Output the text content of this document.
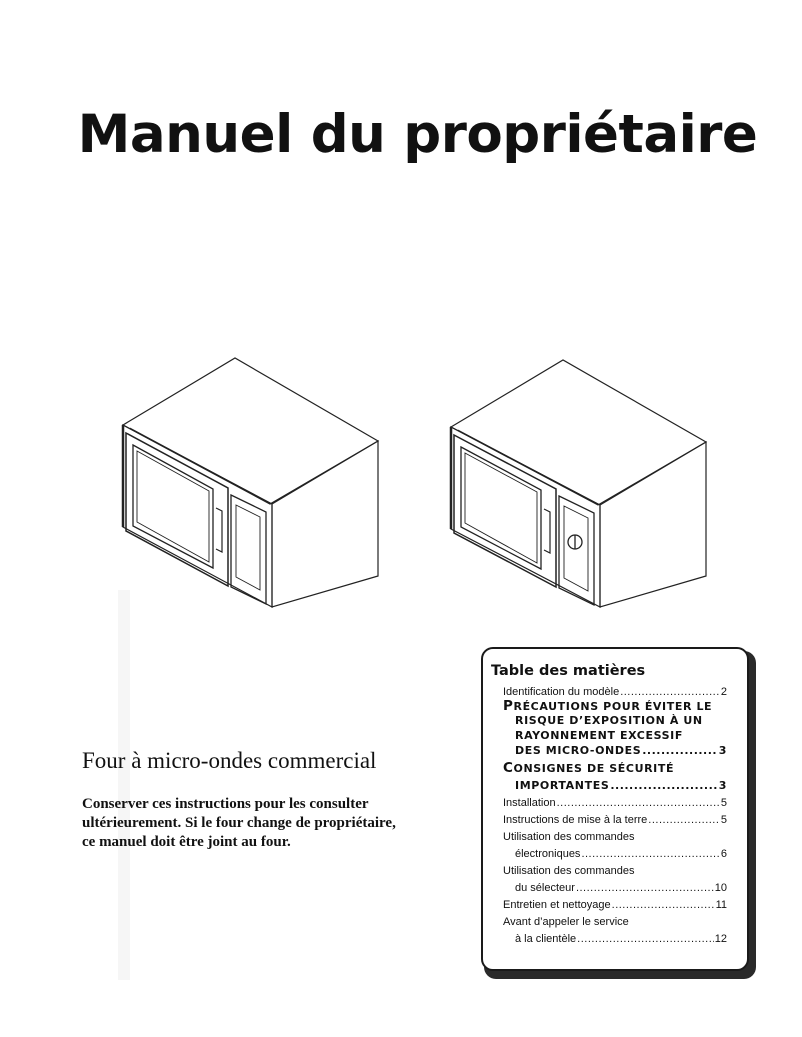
Manuel du propriétaire
Four à micro-ondes commercial
Conserver ces instructions pour les consulter
ultérieurement. Si le four change de propriétaire,
ce manuel doit être joint au four.
Table des matières
Identification du modèle .....	2
PRÉCAUTIONS POUR ÉVITER LE
RISQUE D’EXPOSITION À UN
RAYONNEMENT EXCESSIF
DES MICRO-ONDES .....	3
CONSIGNES DE SÉCURITÉ
IMPORTANTES .....	3
Installation .....	5
Instructions de mise à la terre .....	5
Utilisation des commandes
électroniques .....	6
Utilisation des commandes
du sélecteur .....	10
Entretien et nettoyage .....	11
Avant d’appeler le service
à la clientèle .....	12
